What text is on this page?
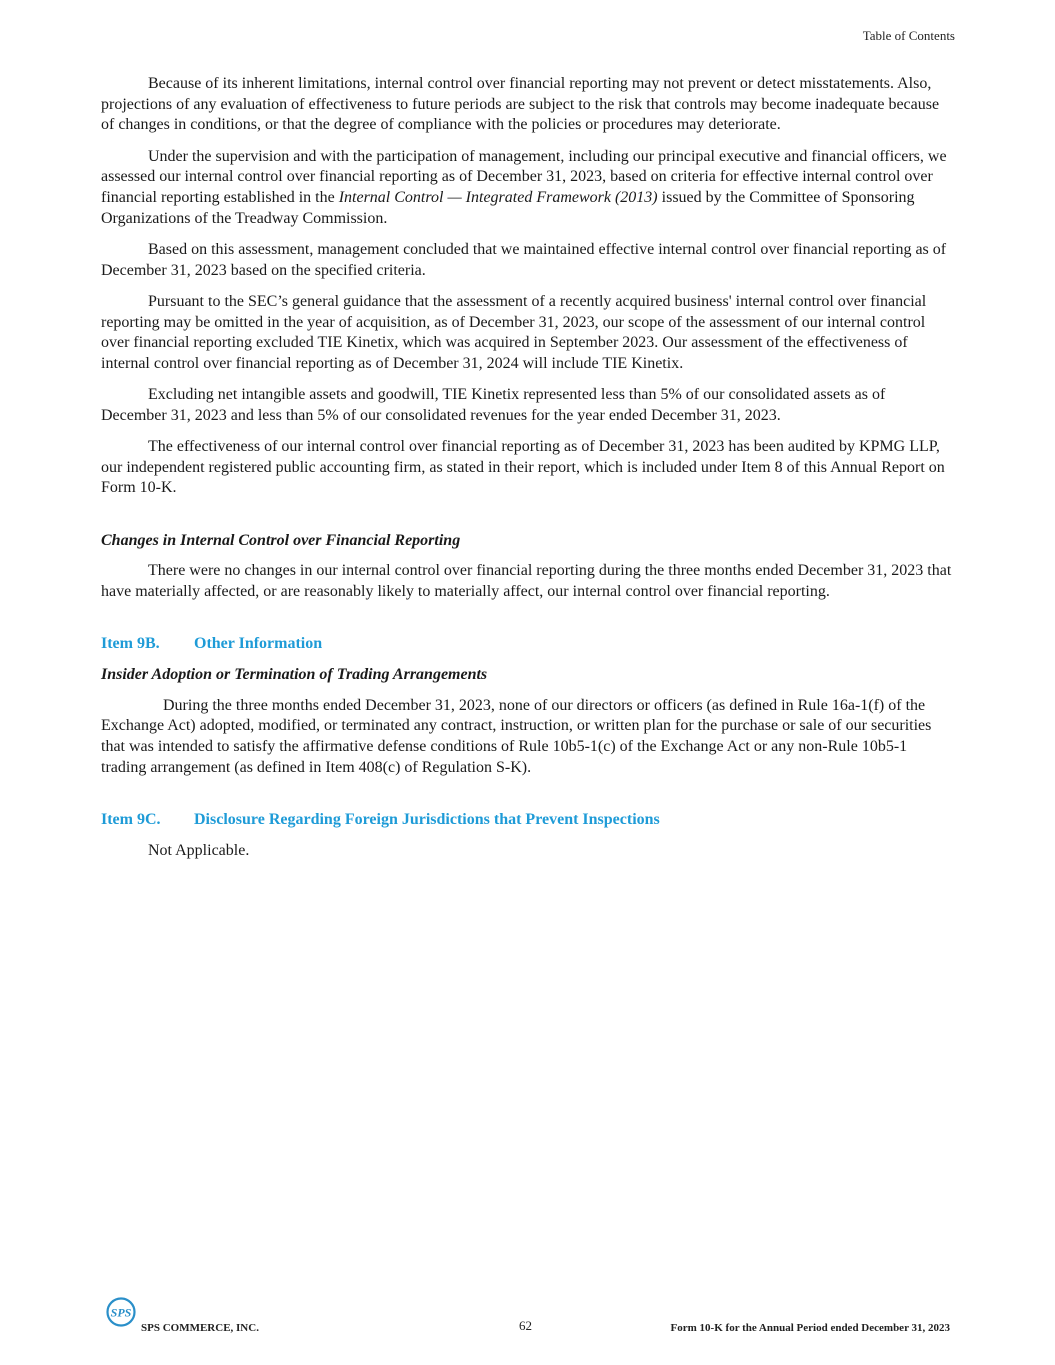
Table of Contents

Because of its inherent limitations, internal control over financial reporting may not prevent or detect misstatements. Also, projections of any evaluation of effectiveness to future periods are subject to the risk that controls may become inadequate because of changes in conditions, or that the degree of compliance with the policies or procedures may deteriorate.

Under the supervision and with the participation of management, including our principal executive and financial officers, we assessed our internal control over financial reporting as of December 31, 2023, based on criteria for effective internal control over financial reporting established in the Internal Control — Integrated Framework (2013) issued by the Committee of Sponsoring Organizations of the Treadway Commission.

Based on this assessment, management concluded that we maintained effective internal control over financial reporting as of December 31, 2023 based on the specified criteria.

Pursuant to the SEC’s general guidance that the assessment of a recently acquired business' internal control over financial reporting may be omitted in the year of acquisition, as of December 31, 2023, our scope of the assessment of our internal control over financial reporting excluded TIE Kinetix, which was acquired in September 2023. Our assessment of the effectiveness of internal control over financial reporting as of December 31, 2024 will include TIE Kinetix.

Excluding net intangible assets and goodwill, TIE Kinetix represented less than 5% of our consolidated assets as of December 31, 2023 and less than 5% of our consolidated revenues for the year ended December 31, 2023.

The effectiveness of our internal control over financial reporting as of December 31, 2023 has been audited by KPMG LLP, our independent registered public accounting firm, as stated in their report, which is included under Item 8 of this Annual Report on Form 10-K.

Changes in Internal Control over Financial Reporting

There were no changes in our internal control over financial reporting during the three months ended December 31, 2023 that have materially affected, or are reasonably likely to materially affect, our internal control over financial reporting.

Item 9B.	Other Information
Insider Adoption or Termination of Trading Arrangements

During the three months ended December 31, 2023, none of our directors or officers (as defined in Rule 16a-1(f) of the Exchange Act) adopted, modified, or terminated any contract, instruction, or written plan for the purchase or sale of our securities that was intended to satisfy the affirmative defense conditions of Rule 10b5-1(c) of the Exchange Act or any non-Rule 10b5-1 trading arrangement (as defined in Item 408(c) of Regulation S-K).

Item 9C.	Disclosure Regarding Foreign Jurisdictions that Prevent Inspections

Not Applicable.

SPS
SPS COMMERCE, INC.	62	Form 10-K for the Annual Period ended December 31, 2023
